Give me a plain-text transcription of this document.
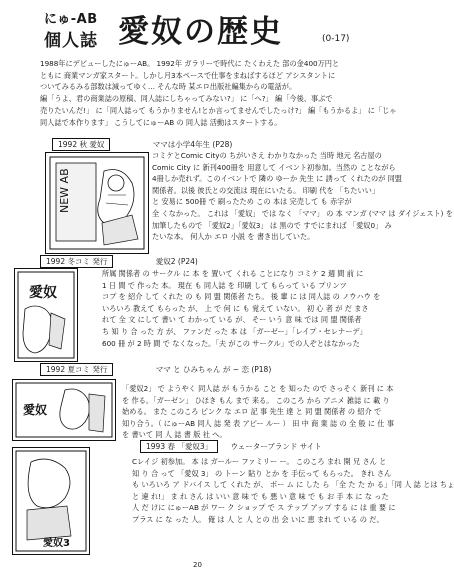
にゅ-AB
個人誌 愛奴の歴史	(0-17)
1988年にデビューしたにゅーAB。 1992年 ガラリーで時代に たくわえた 部の金400万円と
ともに 商業マンガ家スタート。しかし月3本ペースで仕事をまねばするほど アシスタントに
ついてみるみる部数は減ってゆく… そんな時 某エロ出版社編集からの電話が。
編「うよ、君の商業誌の原稿、同人誌にしちゃってみない?」 に「へ?」 編「今後、事ぶで
売りたいんだ!」 に「同人誌って もうかりません!とか言ってませんでしたっけ?」 編「もうかるよ」 に「じゃ
同人誌で本作ります」 こうしてにゅーAB の 同人誌 活動はスタートする。
1992 秋 愛奴	ママは小学4年生 (P28)
NEW AB
コミケとComic Cityの ちがいさえ わかりなかった 当時 地元 名古屋の
Comic City に 新刊400冊を 用意して イベント初参加。当然の ことながら
4冊しか売れず。このイベントで 隣の ゆーか 先生 に 誘って くれたのが 同盟
関係者。以後 彼氏との交流は 現在にいたる。 印刷 代を 「ちたいい」
と 安易に 500冊 で 刷ったため この 本は 完売して も 赤字が
全 くなかった。 これは 「愛奴」 では なく 「ママ」 の 本 マンガ (ママ は ダイジェスト) を
加筆したもので 「愛奴2」「愛奴3」 は 黒ので すでにまれば 「愛奴0」 み
たいな本。 何人か エロ 小説 を 書き出していた。
1992 冬コミ 発行	愛奴2 (P24)
愛奴
所属 関係者 の サークル に 本 を 置いて くれる ことになり コミケ 2 週 間 前 に
1 日 間 で 作った 本。 現在 も 同人誌 を 印刷 して もらって いる プリンツ
コプ を 紹介 して くれた の も 同 盟 関係者 たち。 後 輩 に は 同人誌 の ノウハウ を
いろいろ 教えて もらった が、 上 で 何 に も 覚えて いない。 初 心 者 が だ まさ
れて 全 文 にして 書い て わかって いる が、 そー いう 意 味 では 同 盟 関係者
ち 知 り 合 った 方 が、 ファンだ った 本 は 「ガーゼー」「レイプ・セレナーデ」
600 冊 が 2 時 間 で なくなった。「夫 がこの サークル」での人ぞとはなかった
1992 夏コミ 発行	ママ と ひみちゃん が ~ 恋 (P18)
愛奴
「愛奴2」 で ようやく 同人誌 が もうかる こと を 知った ので さっそく 新刊 に 本
を 作る。「ガーゼン」 ひほき もん まで 来る。 このころ から アニメ 雑誌 に 載 り
始める。 また このころ ピンク な エロ 記 事 先生 達 と 同 盟 関係者 の 紹介 で
知り合う。（ にゅーAB 同人 誌 発 表 アピー ルー ） 田 中 商 業 誌 の 全 般 に 仕 事
を 書いて 同 人 誌 書 版 社 へ。
1993 春 「愛奴3」 ウェーターブランド サイト
愛奴3
Cレイジ 初参加。 本 は ガールー ファミリー ー。 このころ まれ 開 兄 さん と
知 り 合 って 「愛奴 3」 の トーン 貼り とか を 手伝って もらった。 きれ さん
も いろいろ ア ドバイス して くれた が、 ボー ム に した ら 「全 た た か る」「同 人 誌 とは ちょ
と 違 れ!」 ま れ さん は いい 意 味 で も 悪 い 意 味 で も お 手 本 に な った
人 だ けに にゅーAB が ワー ク ショップ で ス テップ アップ する に は 重 要 に
プラス に な った 人。 俺 は 人 と 人 との 出 会 いに 恵 まれ て いる の だ。
20
